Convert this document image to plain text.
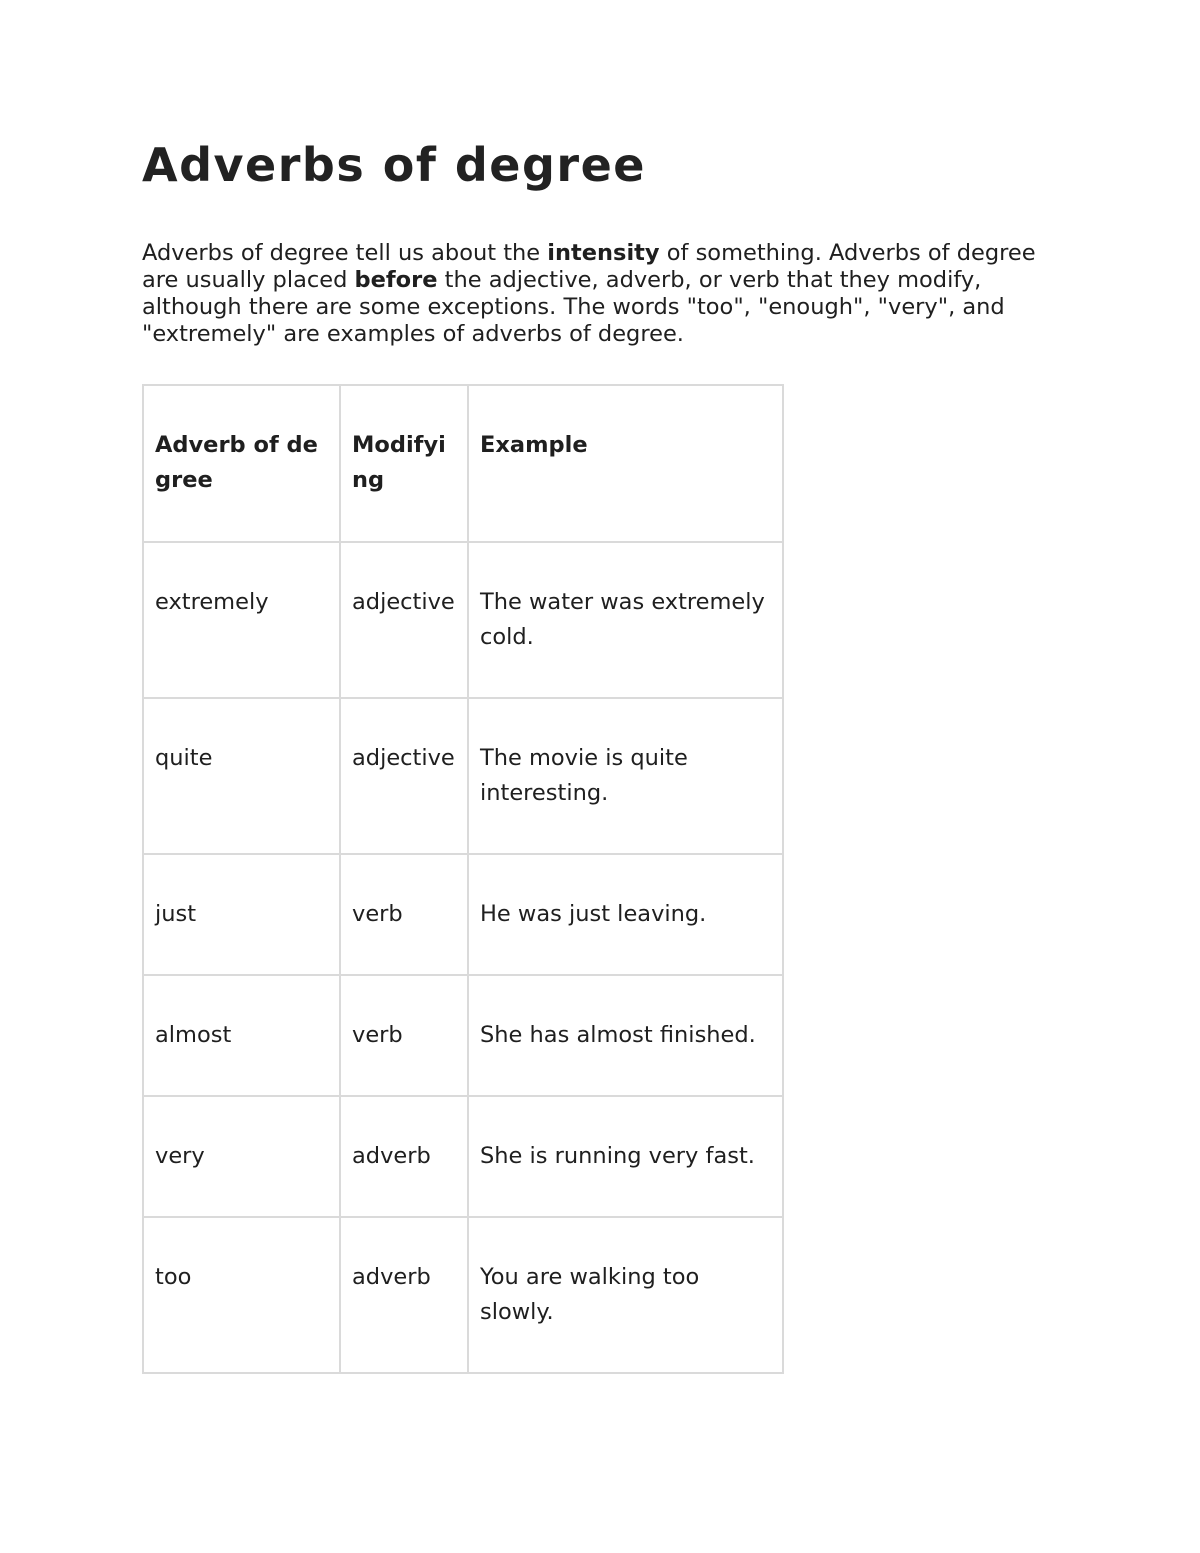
Adverbs of degree

Adverbs of degree tell us about the intensity of something. Adverbs of degree are usually placed before the adjective, adverb, or verb that they modify, although there are some exceptions. The words "too", "enough", "very", and "extremely" are examples of adverbs of degree.

Adverb of degree	Modifying	Example
extremely	adjective	The water was extremely cold.
quite	adjective	The movie is quite interesting.
just	verb	He was just leaving.
almost	verb	She has almost finished.
very	adverb	She is running very fast.
too	adverb	You are walking too slowly.
